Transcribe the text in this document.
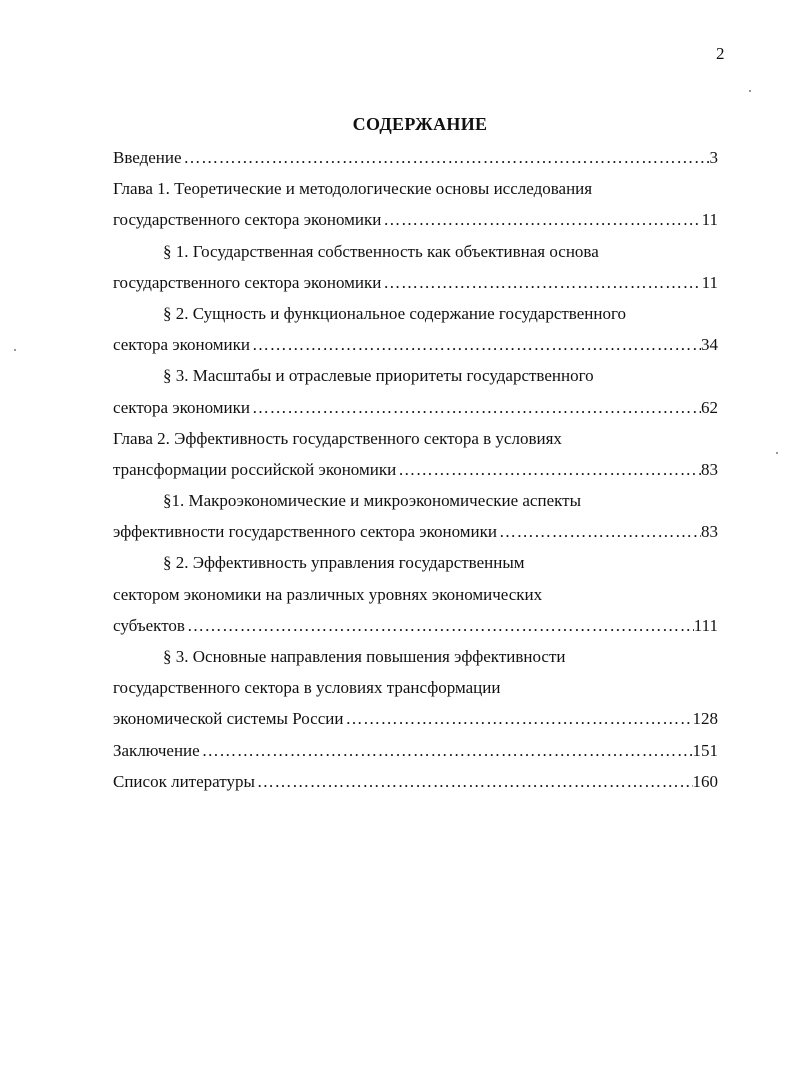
2
СОДЕРЖАНИЕ
Введение …………………………………………………………………………………………………………………………………………………	3
Глава 1. Теоретические и методологические основы исследования
государственного сектора экономики …………………………………………………………………………………………………………………………………………………	11
§ 1. Государственная собственность как объективная основа
государственного сектора экономики …………………………………………………………………………………………………………………………………………………	11
§ 2. Сущность и функциональное содержание государственного
сектора экономики …………………………………………………………………………………………………………………………………………………	34
§ 3. Масштабы и отраслевые приоритеты государственного
сектора экономики …………………………………………………………………………………………………………………………………………………	62
Глава 2. Эффективность государственного сектора в условиях
трансформации российской экономики …………………………………………………………………………………………………………………………………………………	83
§1. Макроэкономические и микроэкономические аспекты
эффективности государственного сектора экономики …………………………………………………………………………………………………………………………………………………	83
§ 2. Эффективность управления государственным
сектором экономики на различных уровнях экономических
субъектов …………………………………………………………………………………………………………………………………………………	111
§ 3. Основные направления повышения эффективности
государственного сектора в условиях трансформации
экономической системы России …………………………………………………………………………………………………………………………………………………	128
Заключение …………………………………………………………………………………………………………………………………………………	151
Список литературы …………………………………………………………………………………………………………………………………………………	160
